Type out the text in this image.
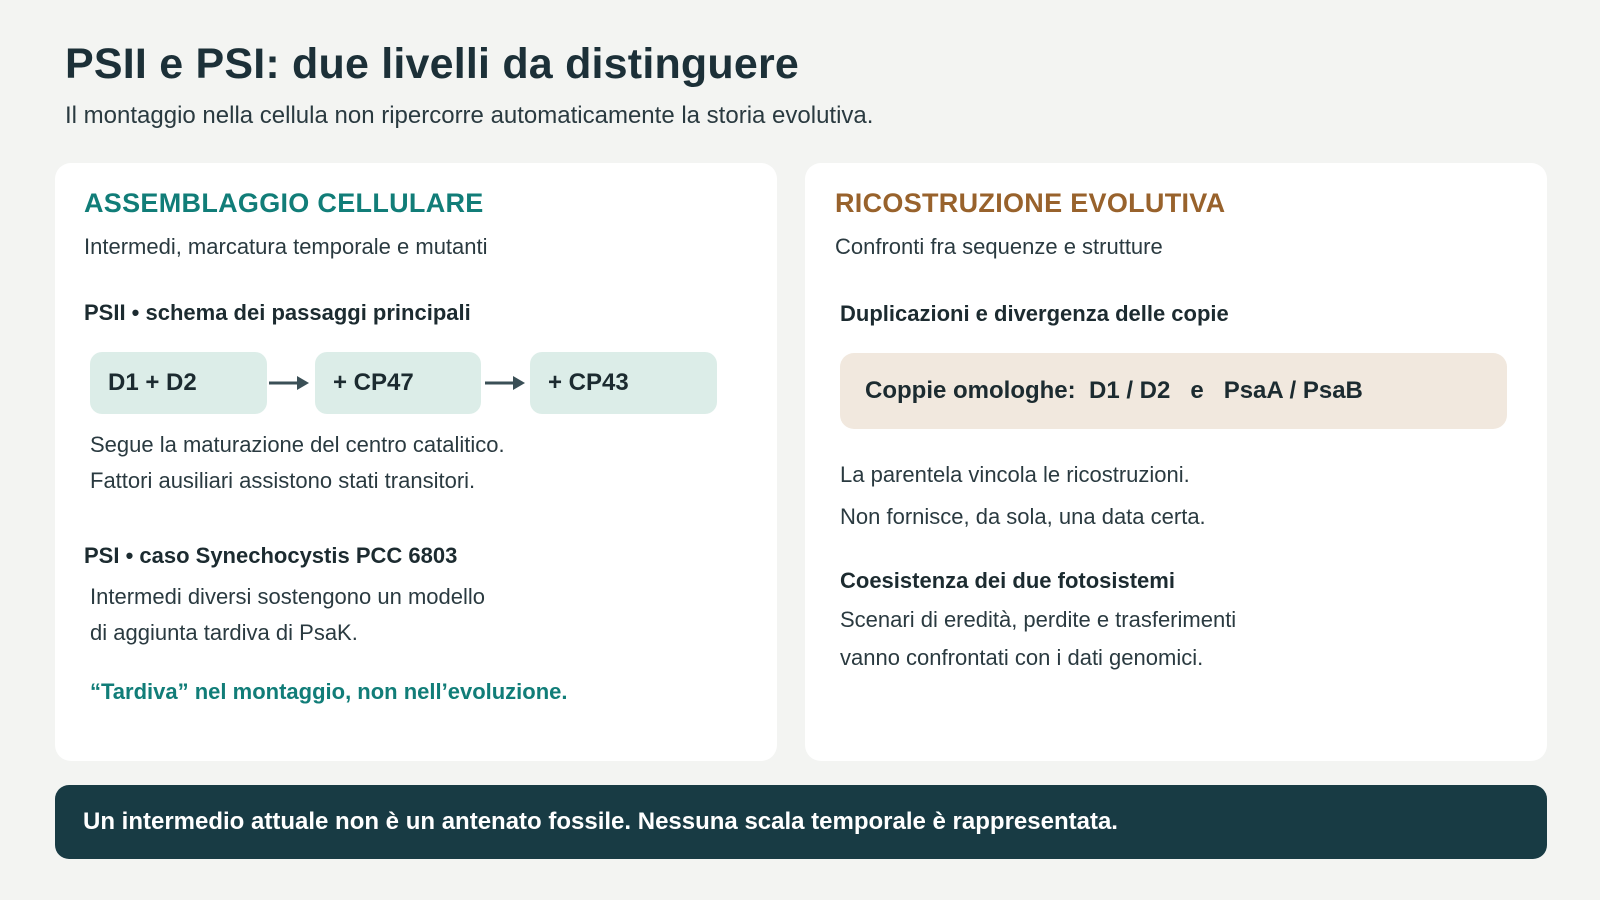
PSII e PSI: due livelli da distinguere

Il montaggio nella cellula non ripercorre automaticamente la storia evolutiva.

ASSEMBLAGGIO CELLULARE

Intermedi, marcatura temporale e mutanti

PSII • schema dei passaggi principali
D1 + D2	+ CP47	+ CP43

Segue la maturazione del centro catalitico.

Fattori ausiliari assistono stati transitori.

PSI • caso Synechocystis PCC 6803

Intermedi diversi sostengono un modello

di aggiunta tardiva di PsaK.

“Tardiva” nel montaggio, non nell’evoluzione.

RICOSTRUZIONE EVOLUTIVA

Confronti fra sequenze e strutture

Duplicazioni e divergenza delle copie
Coppie omologhe:  D1 / D2   e   PsaA / PsaB

La parentela vincola le ricostruzioni.

Non fornisce, da sola, una data certa.

Coesistenza dei due fotosistemi

Scenari di eredità, perdite e trasferimenti

vanno confrontati con i dati genomici.

Un intermedio attuale non è un antenato fossile. Nessuna scala temporale è rappresentata.
